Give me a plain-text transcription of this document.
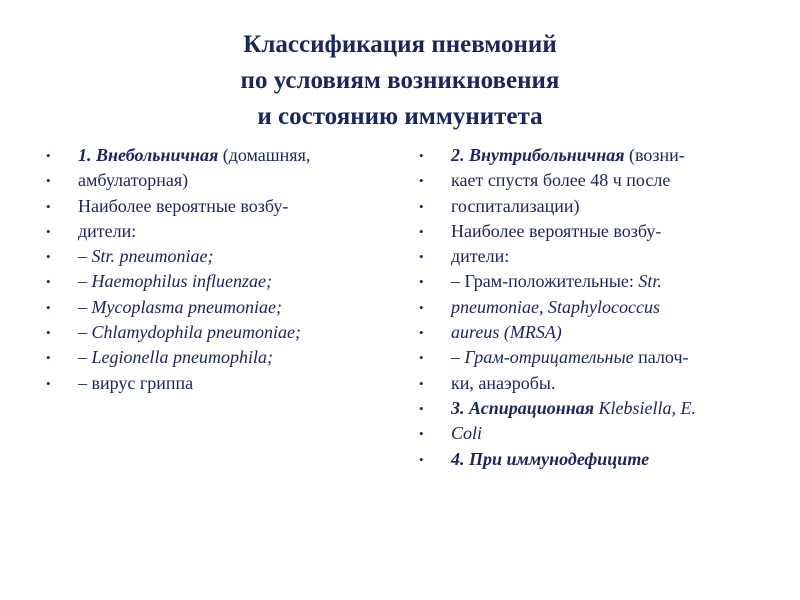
Классификация пневмоний
по условиям возникновения
и состоянию иммунитета
•	1. Внебольничная (домашняя,
•	амбулаторная)
•	Наиболее вероятные возбу-
•	дители:
•	– Str. pneumoniae;
•	– Haemophilus influenzae;
•	– Mycoplasma pneumoniae;
•	– Chlamydophila pneumoniae;
•	– Legionella pneumophila;
•	– вирус гриппа
•	2. Внутрибольничная (возни-
•	кает спустя более 48 ч после
•	госпитализации)
•	Наиболее вероятные возбу-
•	дители:
•	– Грам-положительные: Str.
•	pneumoniae, Staphylococcus
•	aureus (MRSA)
•	– Грам-отрицательные палоч-
•	ки, анаэробы.
•	3. Аспирационная Klebsiella, E.
•	Coli
•	4. При иммунодефиците
